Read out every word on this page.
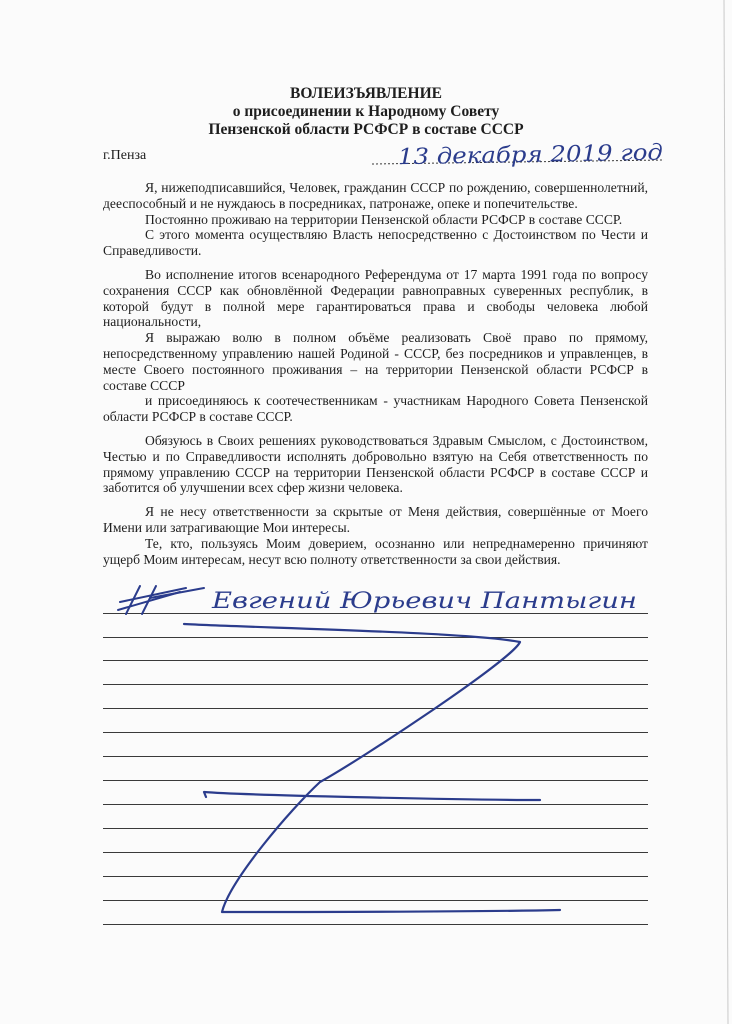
ВОЛЕИЗЪЯВЛЕНИЕ
о присоединении к Народному Совету
Пензенской области РСФСР в составе СССР
г.Пенза	13 декабря 2019 год

Я, нижеподписавшийся, Человек, гражданин СССР по рождению, совершеннолетний, дееспособный и не нуждаюсь в посредниках, патронаже, опеке и попечительстве.

Постоянно проживаю на территории Пензенской области РСФСР в составе СССР.

С этого момента осуществляю Власть непосредственно с Достоинством по Чести и Справедливости.

Во исполнение итогов всенародного Референдума от 17 марта 1991 года по вопросу сохранения СССР как обновлённой Федерации равноправных суверенных республик, в которой будут в полной мере гарантироваться права и свободы человека любой национальности,

Я выражаю волю в полном объёме реализовать Своё право по прямому, непосредственному управлению нашей Родиной - СССР, без посредников и управленцев, в месте Своего постоянного проживания – на территории Пензенской области РСФСР в составе СССР

и присоединяюсь к соотечественникам - участникам Народного Совета Пензенской области РСФСР в составе СССР.

Обязуюсь в Своих решениях руководствоваться Здравым Смыслом, с Достоинством, Честью и по Справедливости исполнять добровольно взятую на Себя ответственность по прямому управлению СССР на территории Пензенской области РСФСР в составе СССР и заботится об улучшении всех сфер жизни человека.

Я не несу ответственности за скрытые от Меня действия, совершённые от Моего Имени или затрагивающие Мои интересы.

Те, кто, пользуясь Моим доверием, осознанно или непреднамеренно причиняют ущерб Моим интересам, несут всю полноту ответственности за свои действия.

Евгений Юрьевич Пантыгин
